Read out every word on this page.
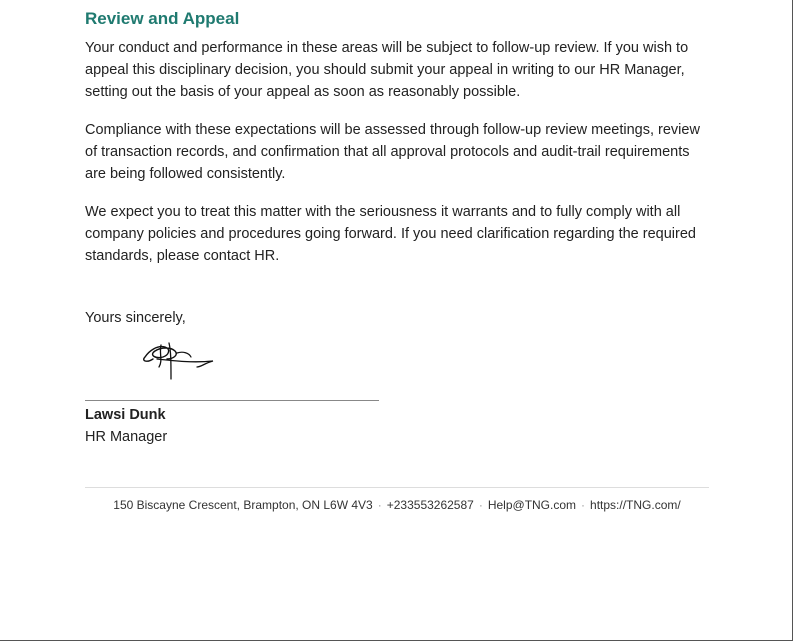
Review and Appeal

Your conduct and performance in these areas will be subject to follow-up review. If you wish to appeal this disciplinary decision, you should submit your appeal in writing to our HR Manager, setting out the basis of your appeal as soon as reasonably possible.

Compliance with these expectations will be assessed through follow-up review meetings, review of transaction records, and confirmation that all approval protocols and audit-trail requirements are being followed consistently.

We expect you to treat this matter with the seriousness it warrants and to fully comply with all company policies and procedures going forward. If you need clarification regarding the required standards, please contact HR.

Yours sincerely,
Lawsi Dunk
HR Manager
150 Biscayne Crescent, Brampton, ON L6W 4V3 · +233553262587 · Help@TNG.com · https://TNG.com/
